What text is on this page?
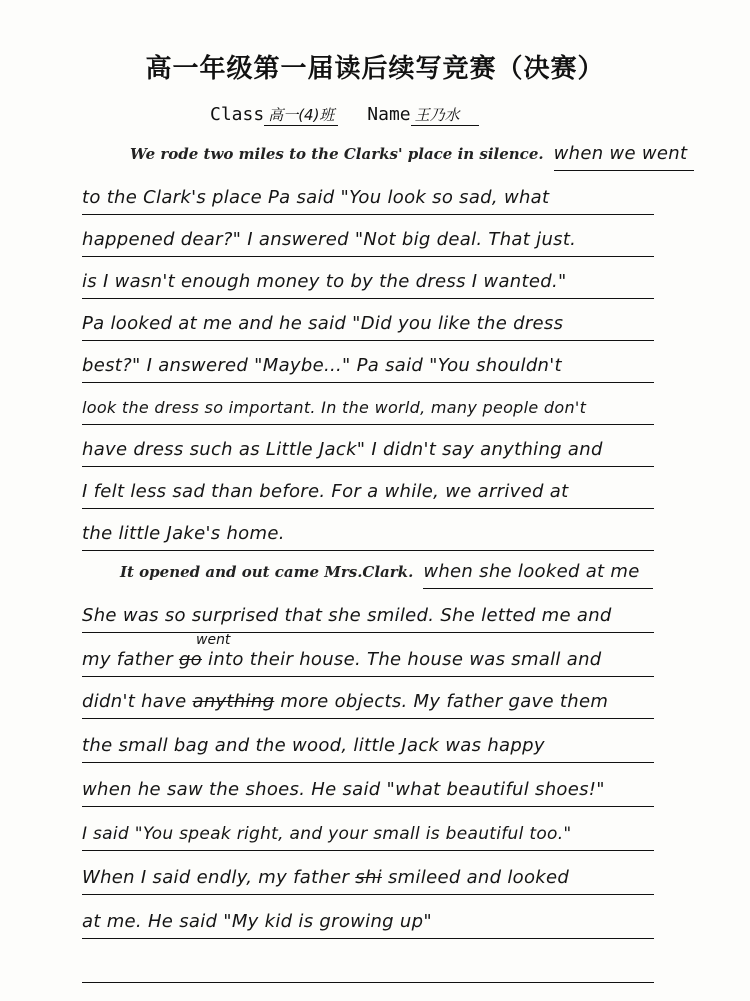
高一年级第一届读后续写竞赛（决赛）
Class 高一(4)班 Name 王乃水
We rode two miles to the Clarks' place in silence. when we went
to the Clark's place Pa said "You look so sad, what
happened dear?" I answered "Not big deal. That just.
is I wasn't enough money to by the dress I wanted."
Pa looked at me and he said "Did you like the dress
best?" I answered "Maybe..." Pa said "You shouldn't
look the dress so important. In the world, many people don't
have dress such as Little Jack" I didn't say anything and
I felt less sad than before. For a while, we arrived at
the little Jake's home.
It opened and out came Mrs.Clark. when she looked at me
She was so surprised that she smiled. She letted me and
went
my father go into their house. The house was small and
didn't have anything more objects. My father gave them
the small bag and the wood, little Jack was happy
when he saw the shoes. He said "what beautiful shoes!"
I said "You speak right, and your small is beautiful too."
When I said endly, my father shi smileed and looked
at me. He said "My kid is growing up"
